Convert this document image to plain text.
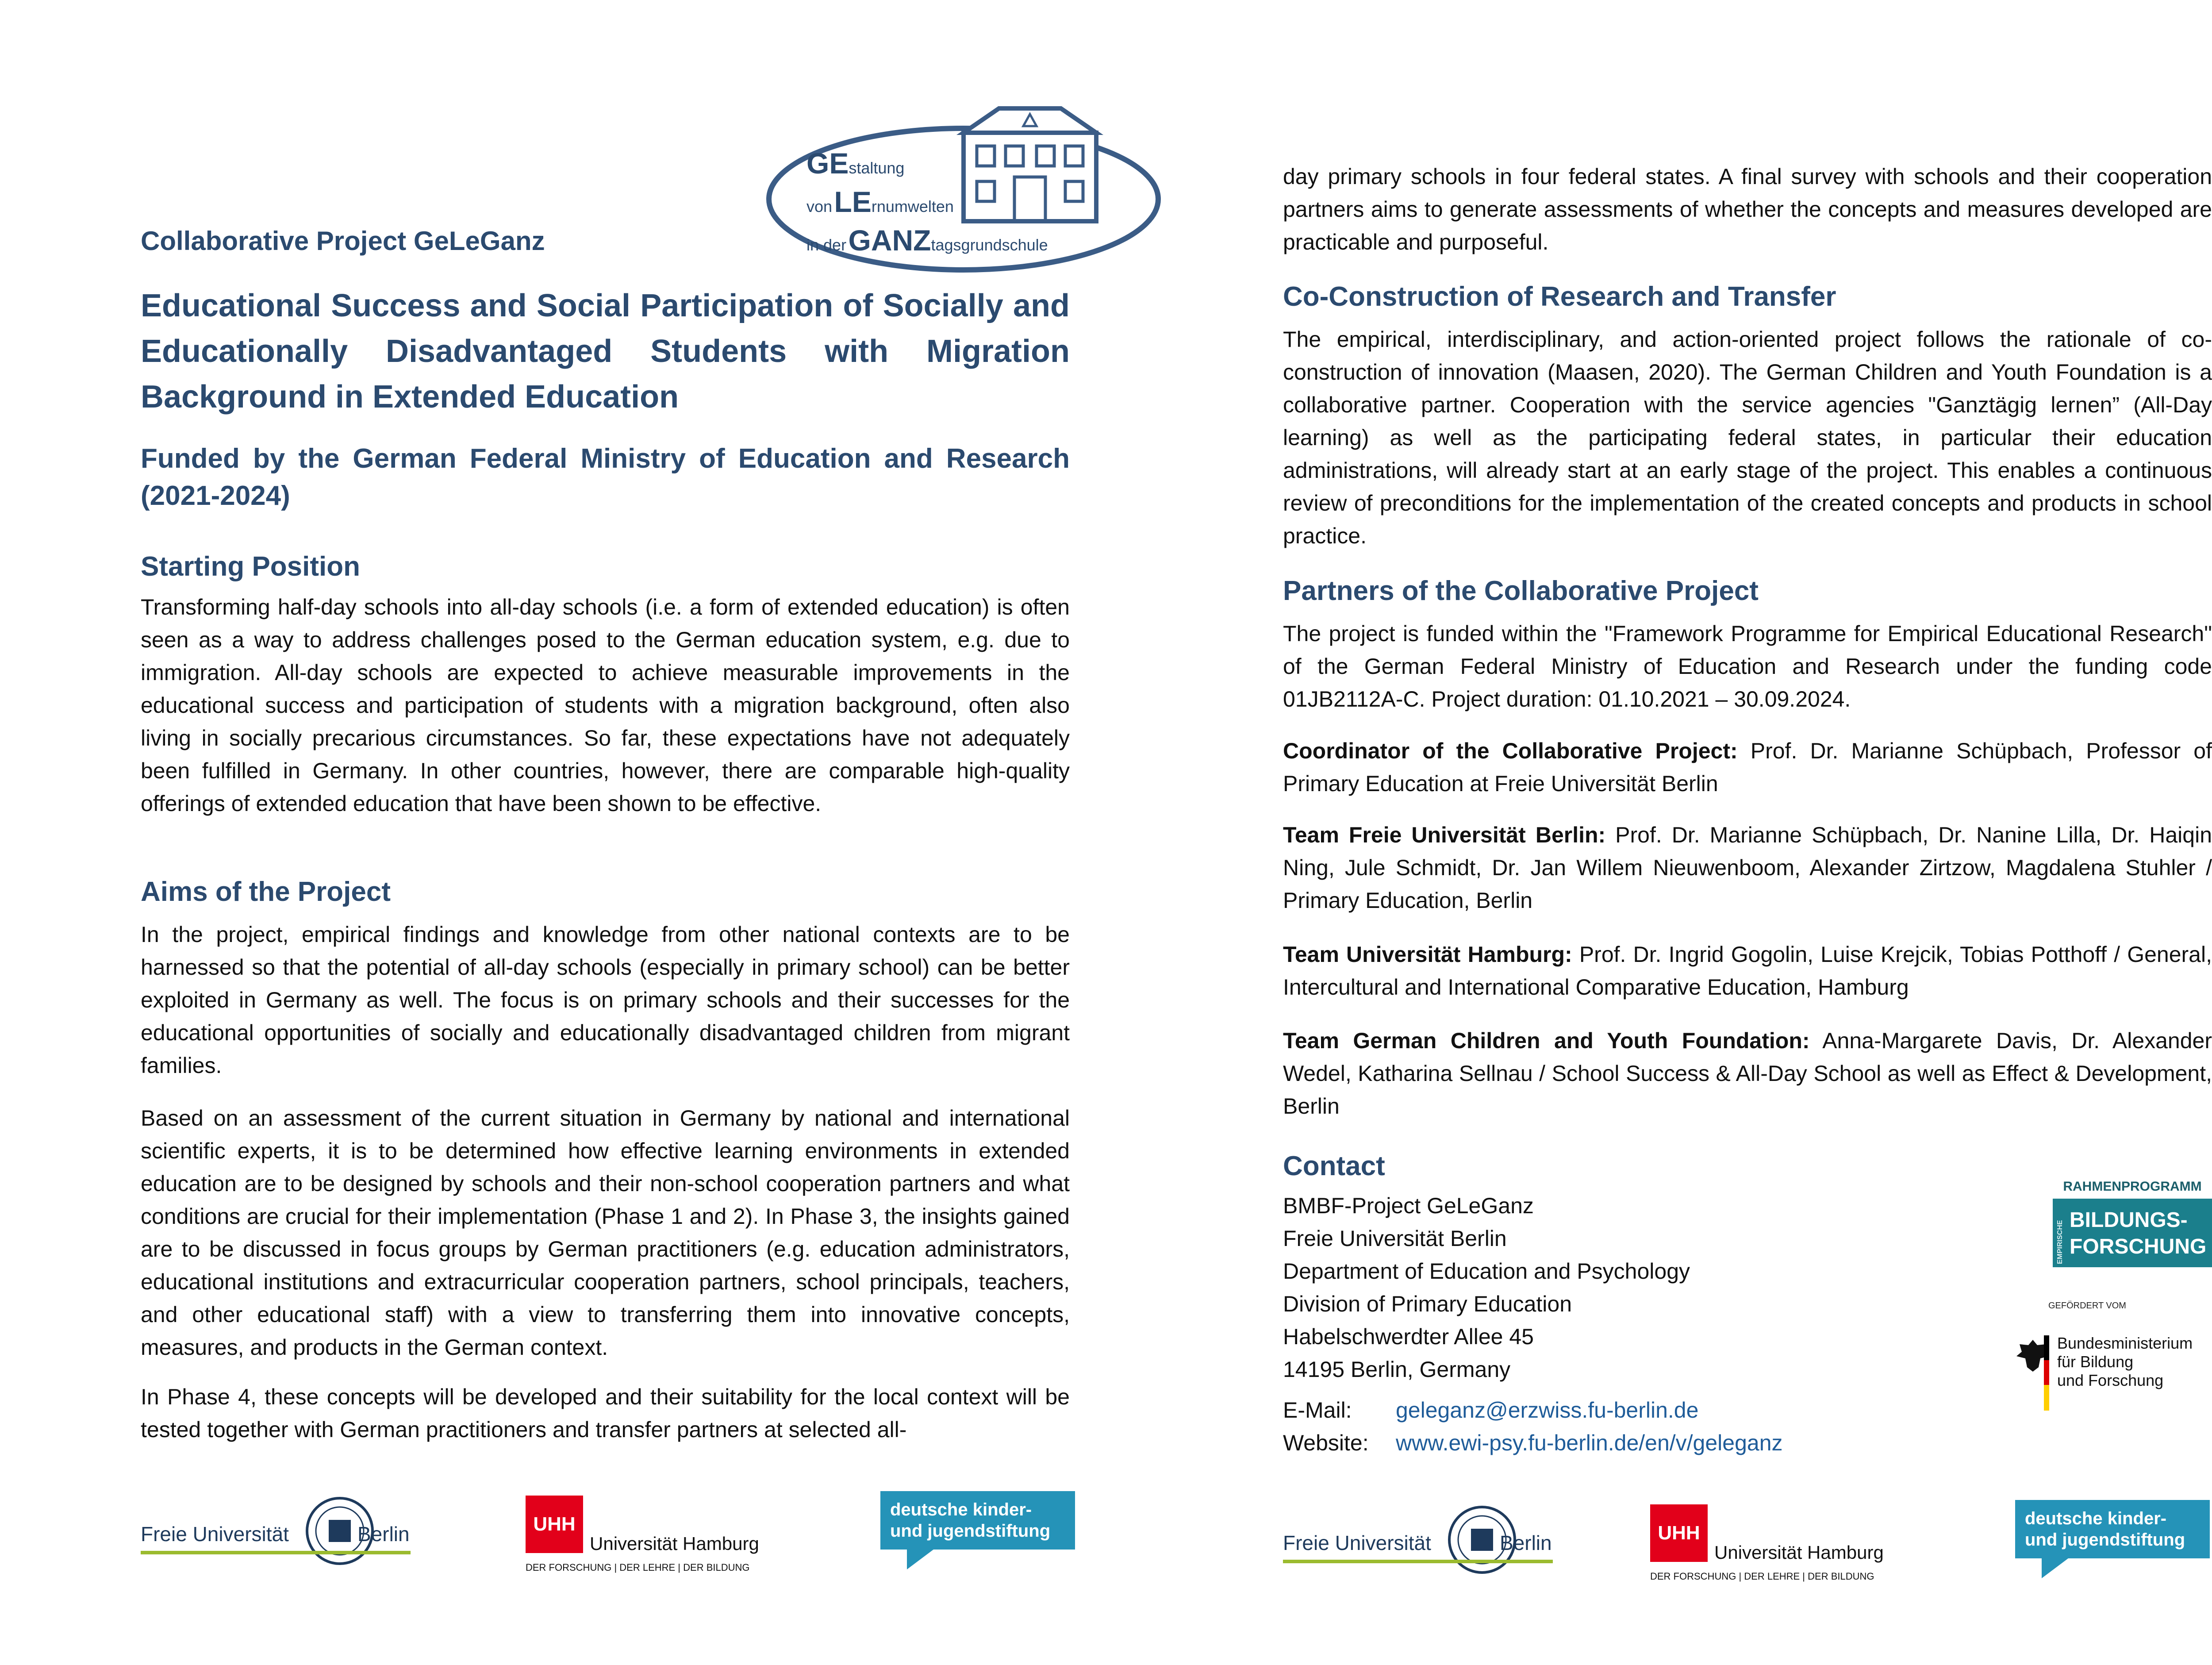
GEstaltung
von LErnumwelten
in der GANZtagsgrundschule
Collaborative Project GeLeGanz
Educational Success and Social Participation of Socially and Educationally Disadvantaged Students with Migration Background in Extended Education
Funded by the German Federal Ministry of Education and Research (2021-2024)
Starting Position
Transforming half-day schools into all-day schools (i.e. a form of extended education) is often seen as a way to address challenges posed to the German education system, e.g. due to immigration. All-day schools are expected to achieve measurable improvements in the educational success and participation of students with a migration background, often also living in socially precarious circumstances. So far, these expectations have not adequately been fulfilled in Germany. In other countries, however, there are comparable high-quality offerings of extended education that have been shown to be effective.
Aims of the Project
In the project, empirical findings and knowledge from other national contexts are to be harnessed so that the potential of all-day schools (especially in primary school) can be better exploited in Germany as well. The focus is on primary schools and their successes for the educational opportunities of socially and educationally disadvantaged children from migrant families.
Based on an assessment of the current situation in Germany by national and international scientific experts, it is to be determined how effective learning environments in extended education are to be designed by schools and their non-school cooperation partners and what conditions are crucial for their implementation (Phase 1 and 2). In Phase 3, the insights gained are to be discussed in focus groups by German practitioners (e.g. education administrators, educational institutions and extracurricular cooperation partners, school principals, teachers, and other educational staff) with a view to transferring them into innovative concepts, measures, and products in the German context.
In Phase 4, these concepts will be developed and their suitability for the local context will be tested together with German practitioners and transfer partners at selected all-
Freie Universität	Berlin	UHH
Universität Hamburg
DER FORSCHUNG | DER LEHRE | DER BILDUNG
deutsche kinder-
und jugendstiftung
day primary schools in four federal states. A final survey with schools and their cooperation partners aims to generate assessments of whether the concepts and measures developed are practicable and purposeful.
Co-Construction of Research and Transfer
The empirical, interdisciplinary, and action-oriented project follows the rationale of co-construction of innovation (Maasen, 2020). The German Children and Youth Foundation is a collaborative partner. Cooperation with the service agencies "Ganztägig lernen” (All-Day learning) as well as the participating federal states, in particular their education administrations, will already start at an early stage of the project. This enables a continuous review of preconditions for the implementation of the created concepts and products in school practice.
Partners of the Collaborative Project
The project is funded within the "Framework Programme for Empirical Educational Research" of the German Federal Ministry of Education and Research under the funding code 01JB2112A-C. Project duration: 01.10.2021 – 30.09.2024.
Coordinator of the Collaborative Project: Prof. Dr. Marianne Schüpbach, Professor of Primary Education at Freie Universität Berlin
Team Freie Universität Berlin: Prof. Dr. Marianne Schüpbach, Dr. Nanine Lilla, Dr. Haiqin Ning, Jule Schmidt, Dr. Jan Willem Nieuwenboom, Alexander Zirtzow, Magdalena Stuhler / Primary Education, Berlin
Team Universität Hamburg: Prof. Dr. Ingrid Gogolin, Luise Krejcik, Tobias Potthoff / General, Intercultural and International Comparative Education, Hamburg
Team German Children and Youth Foundation: Anna-Margarete Davis, Dr. Alexander Wedel, Katharina Sellnau / School Success & All-Day School as well as Effect & Development, Berlin
Contact
BMBF-Project GeLeGanz
Freie Universität Berlin
Department of Education and Psychology
Division of Primary Education
Habelschwerdter Allee 45
14195 Berlin, Germany
E-Mail: geleganz@erzwiss.fu-berlin.de
Website: www.ewi-psy.fu-berlin.de/en/v/geleganz
RAHMENPROGRAMM
EMPIRISCHE BILDUNGS-
FORSCHUNG
GEFÖRDERT VOM
Bundesministerium
für Bildung
und Forschung
Freie Universität	Berlin	UHH
Universität Hamburg
DER FORSCHUNG | DER LEHRE | DER BILDUNG
deutsche kinder-
und jugendstiftung
